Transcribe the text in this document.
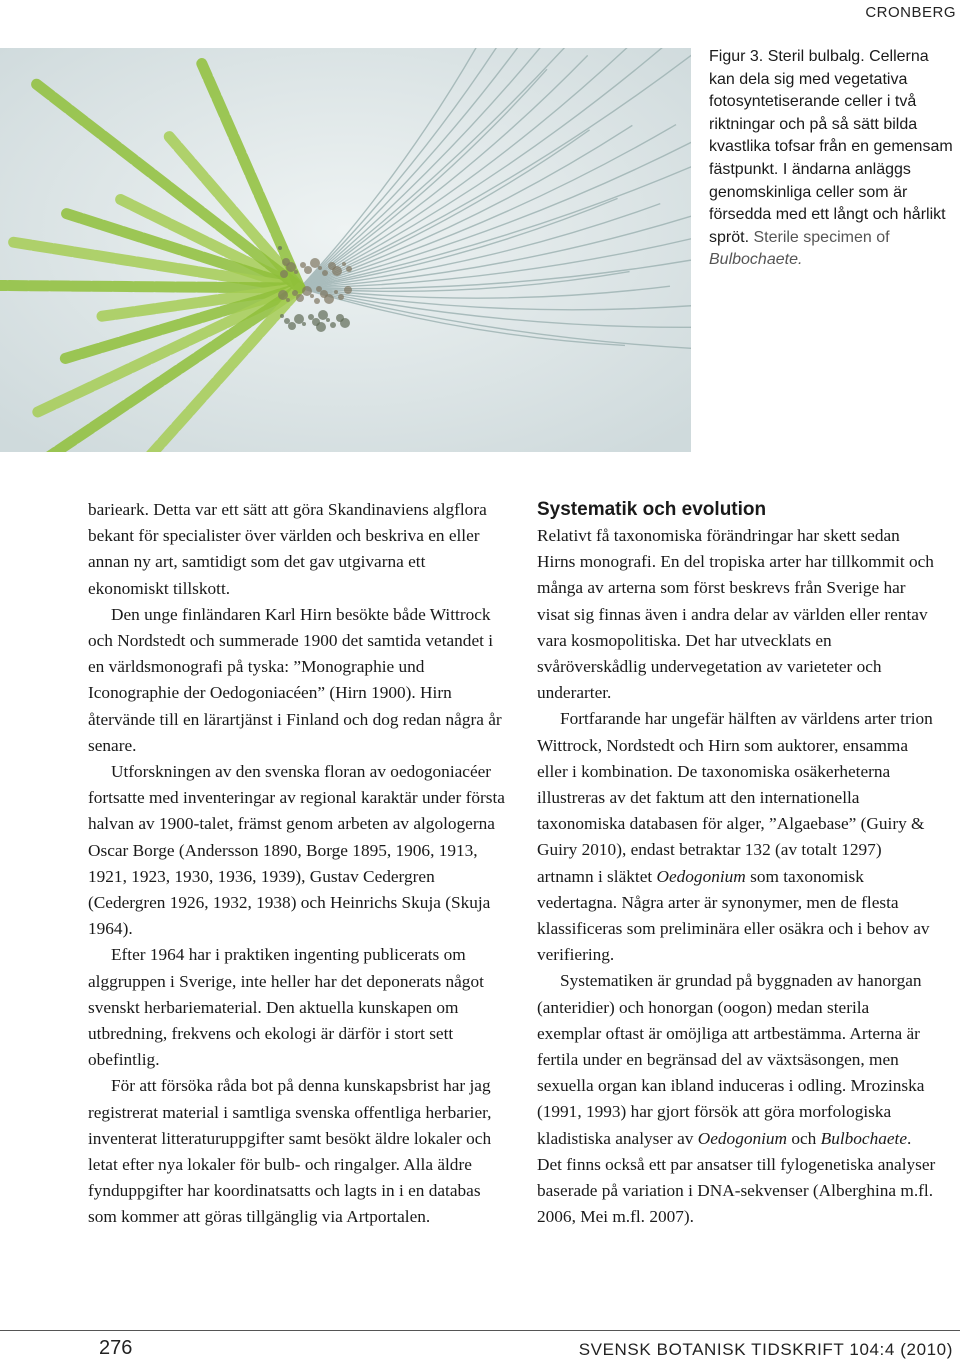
CRONBERG
Figur 3. Steril bulbalg. Cellerna kan dela sig med vegetativa fotosyntetiserande celler i två riktningar och på så sätt bilda kvastlika tofsar från en gemensam fästpunkt. I ändarna anläggs genomskinliga celler som är försedda med ett långt och hårlikt spröt. Sterile specimen of Bulbochaete.

barieark. Detta var ett sätt att göra Skandinaviens algflora bekant för specialister över världen och beskriva en eller annan ny art, samtidigt som det gav utgivarna ett ekonomiskt tillskott.

Den unge finländaren Karl Hirn besökte både Wittrock och Nordstedt och summerade 1900 det samtida vetandet i en världsmonografi på tyska: ”Monographie und Iconographie der Oedogoniacéen” (Hirn 1900). Hirn återvände till en lärartjänst i Finland och dog redan några år senare.

Utforskningen av den svenska floran av oedogoniacéer fortsatte med inventeringar av regional karaktär under första halvan av 1900-talet, främst genom arbeten av algologerna Oscar Borge (Andersson 1890, Borge 1895, 1906, 1913, 1921, 1923, 1930, 1936, 1939), Gustav Cedergren (Cedergren 1926, 1932, 1938) och Heinrichs Skuja (Skuja 1964).

Efter 1964 har i praktiken ingenting publicerats om alggruppen i Sverige, inte heller har det deponerats något svenskt herbariematerial. Den aktuella kunskapen om utbredning, frekvens och ekologi är därför i stort sett obefintlig.

För att försöka råda bot på denna kunskapsbrist har jag registrerat material i samtliga svenska offentliga herbarier, inventerat litteraturuppgifter samt besökt äldre lokaler och letat efter nya lokaler för bulb- och ringalger. Alla äldre fynduppgifter har koordinatsatts och lagts in i en databas som kommer att göras tillgänglig via Artportalen.

Systematik och evolution

Relativt få taxonomiska förändringar har skett sedan Hirns monografi. En del tropiska arter har tillkommit och många av arterna som först beskrevs från Sverige har visat sig finnas även i andra delar av världen eller rentav vara kosmopolitiska. Det har utvecklats en svåröverskådlig undervegetation av varieteter och underarter.

Fortfarande har ungefär hälften av världens arter trion Wittrock, Nordstedt och Hirn som auktorer, ensamma eller i kombination. De taxonomiska osäkerheterna illustreras av det faktum att den internationella taxonomiska databasen för alger, ”Algaebase” (Guiry & Guiry 2010), endast betraktar 132 (av totalt 1297) artnamn i släktet Oedogonium som taxonomisk vedertagna. Några arter är synonymer, men de flesta klassificeras som preliminära eller osäkra och i behov av verifiering.

Systematiken är grundad på byggnaden av hanorgan (anteridier) och honorgan (oogon) medan sterila exemplar oftast är omöjliga att artbestämma. Arterna är fertila under en begränsad del av växtsäsongen, men sexuella organ kan ibland induceras i odling. Mrozinska (1991, 1993) har gjort försök att göra morfologiska kladistiska analyser av Oedogonium och Bulbochaete. Det finns också ett par ansatser till fylogenetiska analyser baserade på variation i DNA-sekvenser (Alberghina m.fl. 2006, Mei m.fl. 2007).

276	SVENSK BOTANISK TIDSKRIFT 104:4 (2010)
